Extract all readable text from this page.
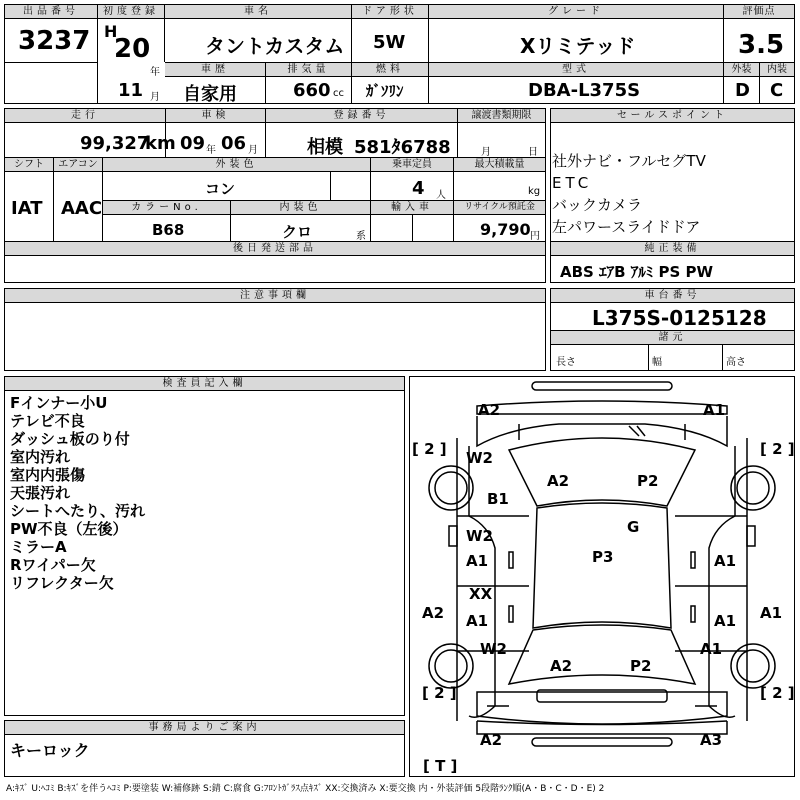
出品番号
3237
初度登録
H
20
年
11 月
車名
タントカスタム
ドア形状
5W
グレード
Xリミテッド
評価点
3.5
車歴
自家用
排気量
660 cc
燃料
ｶﾞｿﾘﾝ
型式
DBA-L375S
外装	内装
D C
走行
99,327
km
車検
09 年 06 月
登録番号
相模 581ﾀ6788
譲渡書類期限
月	日
シフト
IAT
エアコン
AAC
外装色
コン
乗車定員
4 人
最大積載量
kg
カラーNo.
B68
内装色
クロ	系
輸入車	リサイクル預託金
9,790 円
後日発送部品
セールスポイント
社外ナビ・フルセグTV
ETC
バックカメラ
左パワースライドドア
純正装備
ABS ｴｱB ｱﾙﾐ PS PW
注意事項欄	車台番号
L375S-0125128
諸元
長さ	幅	高さ
検査員記入欄
Fインナー小U
テレビ不良
ダッシュ板のり付
室内汚れ
室内内張傷
天張汚れ
シートへたり、汚れ
PW不良（左後）
ミラーA
Rワイパー欠
リフレクター欠
事務局よりご案内
キーロック
A2	A1
[ 2 ]	[ 2 ]
W2
A2	P2
B1
G
W2
A1	P3	A1
XX
A1	A1
A2	A1
W2	A1
A2	P2
[ 2 ]	[ 2 ]
A2	A3
[ T ]
A:ｷｽﾞ U:ﾍｺﾐ B:ｷｽﾞを伴うﾍｺﾐ P:要塗装 W:補修跡 S:錆 C:腐食 G:ﾌﾛﾝﾄｶﾞﾗｽ点ｷｽﾞ XX:交換済み X:要交換 内・外装評価 5段階ﾗﾝｸ順(A・B・C・D・E) 2
